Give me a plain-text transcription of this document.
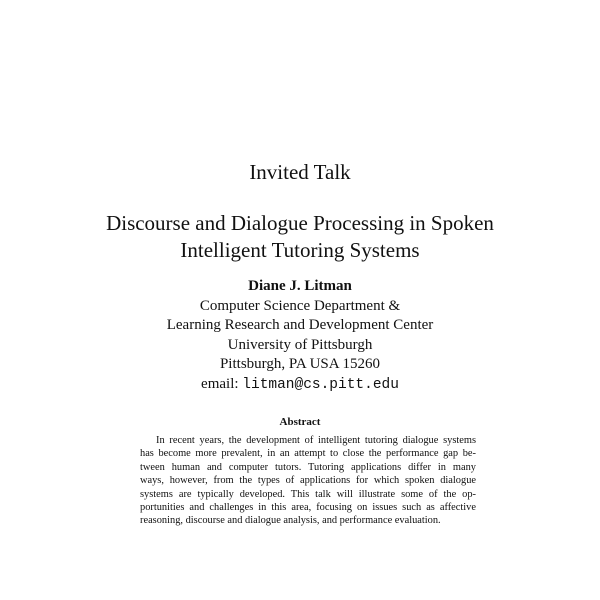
Invited Talk
Discourse and Dialogue Processing in Spoken
Intelligent Tutoring Systems
Diane J. Litman
Computer Science Department &
Learning Research and Development Center
University of Pittsburgh
Pittsburgh, PA USA 15260
email: litman@cs.pitt.edu
Abstract
In recent years, the development of intelligent tutoring dialogue systems
has become more prevalent, in an attempt to close the performance gap be-
tween human and computer tutors. Tutoring applications differ in many
ways, however, from the types of applications for which spoken dialogue
systems are typically developed. This talk will illustrate some of the op-
portunities and challenges in this area, focusing on issues such as affective
reasoning, discourse and dialogue analysis, and performance evaluation.
